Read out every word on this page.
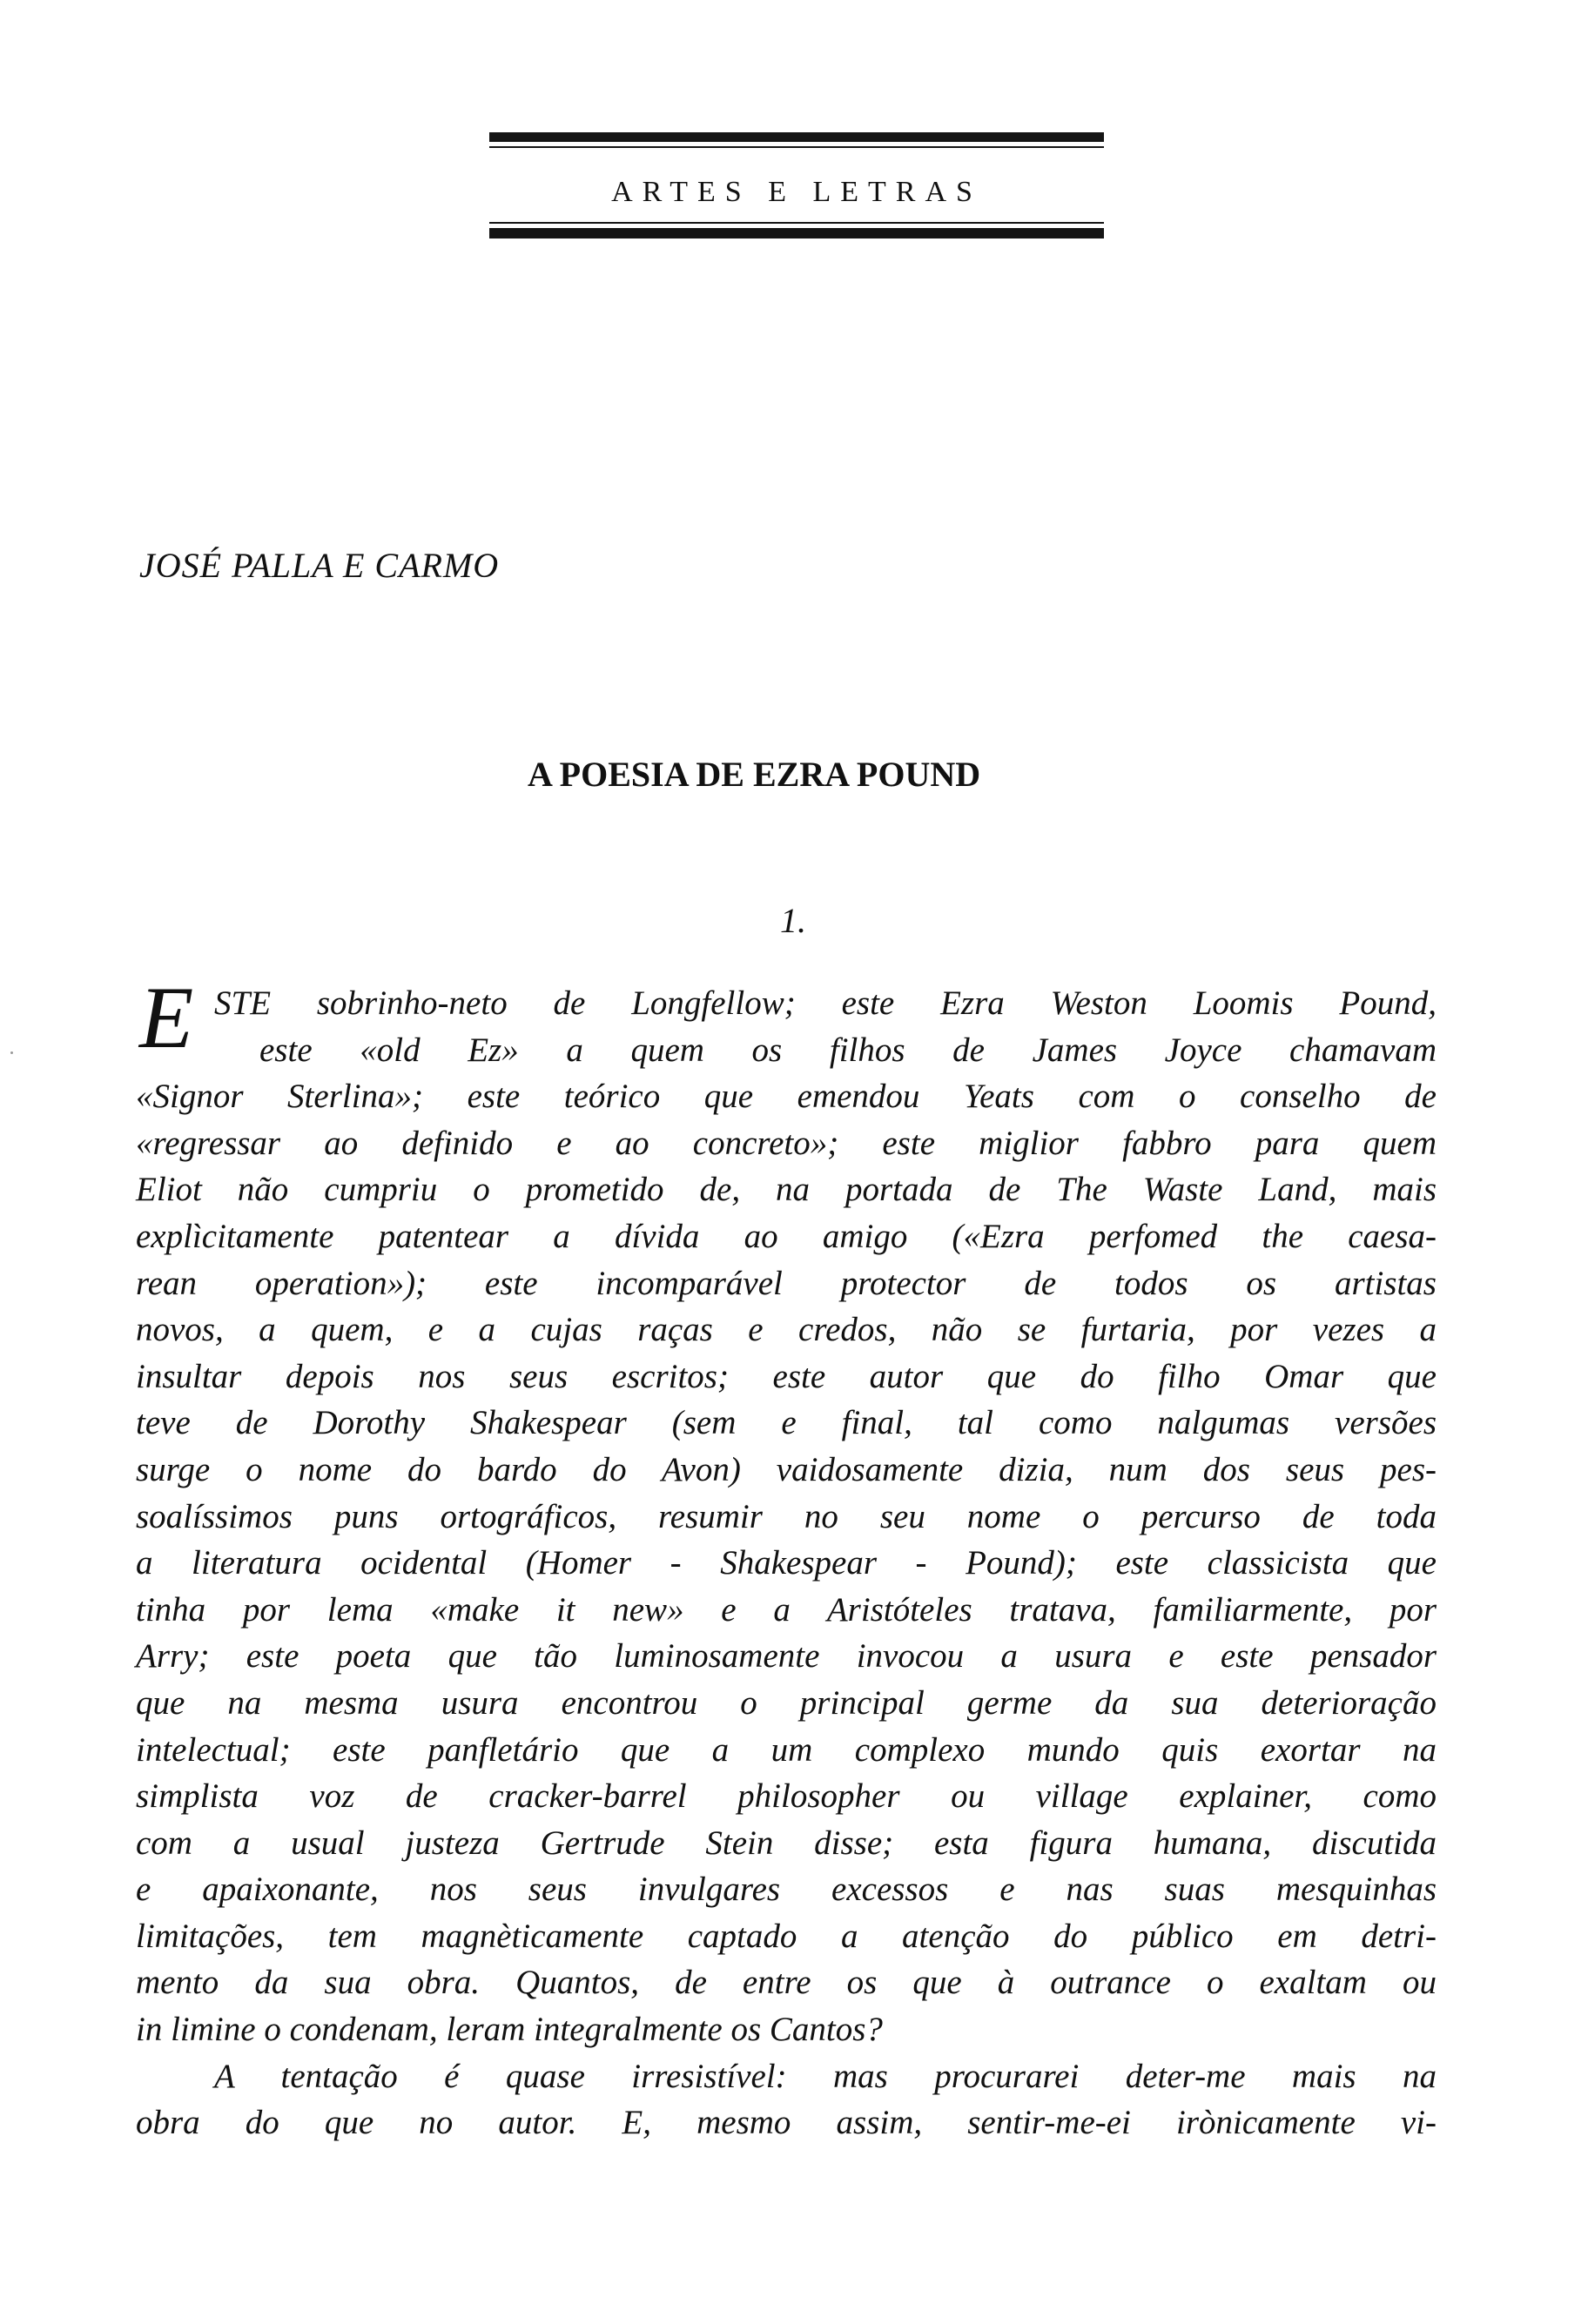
ARTES E LETRAS
JOSÉ PALLA E CARMO
A POESIA DE EZRA POUND
1.
E STE sobrinho-neto de Longfellow; este Ezra Weston Loomis Pound,
este «old Ez» a quem os filhos de James Joyce chamavam
«Signor Sterlina»; este teórico que emendou Yeats com o conselho de
«regressar ao definido e ao concreto»; este miglior fabbro para quem
Eliot não cumpriu o prometido de, na portada de The Waste Land, mais
explìcitamente patentear a dívida ao amigo («Ezra perfomed the caesa-
rean operation»); este incomparável protector de todos os artistas
novos, a quem, e a cujas raças e credos, não se furtaria, por vezes a
insultar depois nos seus escritos; este autor que do filho Omar que
teve de Dorothy Shakespear (sem e final, tal como nalgumas versões
surge o nome do bardo do Avon) vaidosamente dizia, num dos seus pes-
soalíssimos puns ortográficos, resumir no seu nome o percurso de toda
a literatura ocidental (Homer - Shakespear - Pound); este classicista que
tinha por lema «make it new» e a Aristóteles tratava, familiarmente, por
Arry; este poeta que tão luminosamente invocou a usura e este pensador
que na mesma usura encontrou o principal germe da sua deterioração
intelectual; este panfletário que a um complexo mundo quis exortar na
simplista voz de cracker-barrel philosopher ou village explainer, como
com a usual justeza Gertrude Stein disse; esta figura humana, discutida
e apaixonante, nos seus invulgares excessos e nas suas mesquinhas
limitações, tem magnèticamente captado a atenção do público em detri-
mento da sua obra. Quantos, de entre os que à outrance o exaltam ou
in limine o condenam, leram integralmente os Cantos?
A tentação é quase irresistível: mas procurarei deter-me mais na
obra do que no autor. E, mesmo assim, sentir-me-ei irònicamente vi-
